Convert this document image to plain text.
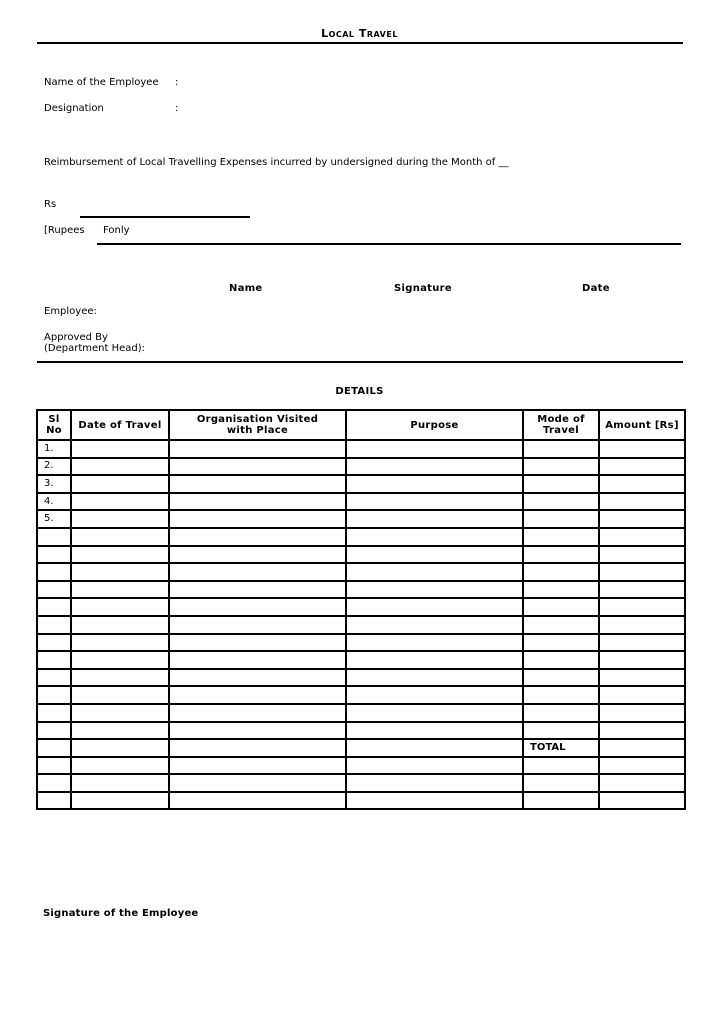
Local Travel
Name of the Employee :
Designation	:
Reimbursement of Local Travelling Expenses incurred by undersigned during the Month of __
Rs
[Rupees Fonly
Name	Signature	Date
Employee:
Approved By
(Department Head):
DETAILS
Sl No	Date of Travel	Organisation Visited with Place	Purpose	Mode of Travel	Amount [Rs]
1.					
2.					
3.					
4.					
5.					

				TOTAL	

Signature of the Employee
